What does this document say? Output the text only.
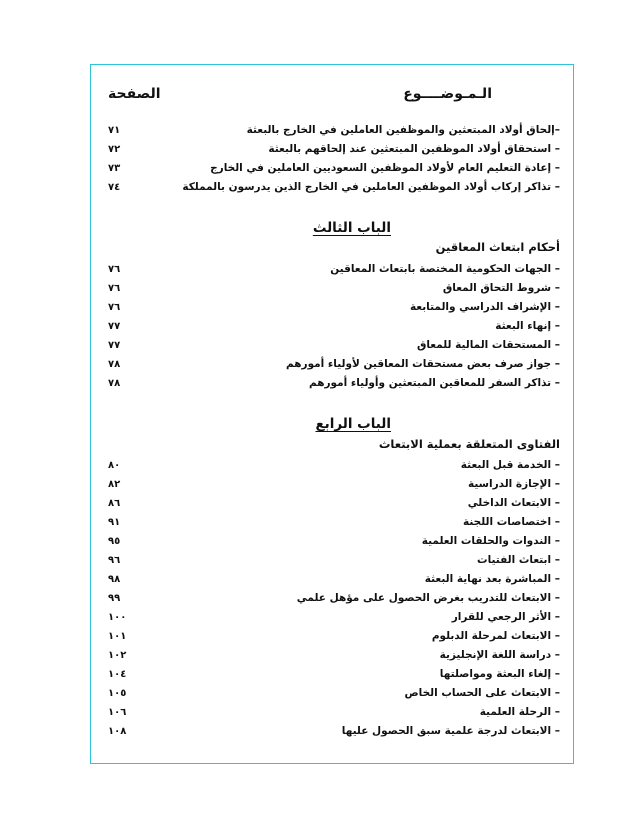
الـمـوضــــوع
الصفحة
–إلحاق أولاد المبتعثين والموظفين العاملين في الخارج بالبعثة
٧١
– استحقاق أولاد الموظفين المبتعثين عند إلحاقهم بالبعثة
٧٢
– إعادة التعليم العام لأولاد الموظفين السعوديين العاملين في الخارج
٧٣
– تذاكر إركاب أولاد الموظفين العاملين في الخارج الذين يدرسون بالمملكة
٧٤
الباب الثالث
أحكام ابتعاث المعاقين
– الجهات الحكومية المختصة بابتعاث المعاقين
٧٦
– شروط التحاق المعاق
٧٦
– الإشراف الدراسي والمتابعة
٧٦
– إنهاء البعثة
٧٧
– المستحقات المالية للمعاق
٧٧
– جواز صرف بعض مستحقات المعاقين لأولياء أمورهم
٧٨
– تذاكر السفر للمعاقين المبتعثين وأولياء أمورهم
٧٨
الباب الرابع
الفتاوى المتعلقة بعملية الابتعاث
– الخدمة قبل البعثة
٨٠
– الإجازة الدراسية
٨٢
– الابتعاث الداخلي
٨٦
– اختصاصات اللجنة
٩١
– الندوات والحلقات العلمية
٩٥
– ابتعاث الفتيات
٩٦
– المباشرة بعد نهاية البعثة
٩٨
– الابتعاث للتدريب بغرض الحصول على مؤهل علمي
٩٩
– الأثر الرجعي للقرار
١٠٠
– الابتعاث لمرحلة الدبلوم
١٠١
– دراسة اللغة الإنجليزية
١٠٢
– إلغاء البعثة ومواصلتها
١٠٤
– الابتعاث على الحساب الخاص
١٠٥
– الرحلة العلمية
١٠٦
– الابتعاث لدرجة علمية سبق الحصول عليها
١٠٨
